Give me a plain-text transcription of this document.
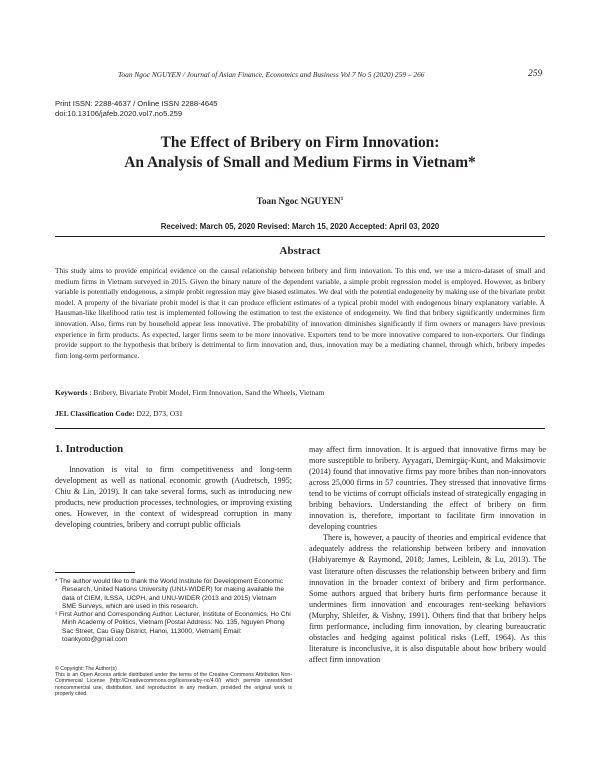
Toan Ngoc NGUYEN / Journal of Asian Finance, Economics and Business Vol 7 No 5 (2020) 259 – 266	259
Print ISSN: 2288-4637 / Online ISSN 2288-4645
doi:10.13106/jafeb.2020.vol7.no5.259
The Effect of Bribery on Firm Innovation:
An Analysis of Small and Medium Firms in Vietnam*
Toan Ngoc NGUYEN$^1$
Received: March 05, 2020 Revised: March 15, 2020 Accepted: April 03, 2020
Abstract
This study aims to provide empirical evidence on the causal relationship between bribery and firm innovation. To this end, we use a micro-dataset of small and medium firms in Vietnam surveyed in 2015. Given the binary nature of the dependent variable, a simple probit regression model is employed. However, as bribery variable is potentially endogenous, a simple probit regression may give biased estimates. We deal with the potential endogeneity by making use of the bivariate probit model. A property of the bivariate probit model is that it can produce efficient estimates of a typical probit model with endogenous binary explanatory variable. A Hausman-like likelihood ratio test is implemented following the estimation to test the existence of endogeneity. We find that bribery significantly undermines firm innovation. Also, firms run by household appear less innovative. The probability of innovation diminishes significantly if firm owners or managers have previous experience in firm products. As expected, larger firms seem to be more innovative. Exporters tend to be more innovative compared to non-exporters. Our findings provide support to the hypothesis that bribery is detrimental to firm innovation and, thus, innovation may be a mediating channel, through which, bribery impedes firm long-term performance.
Keywords : Bribery, Bivariate Probit Model, Firm Innovation, Sand the Wheels, Vietnam
JEL Classification Code: D22, D73, O31
1. Introduction

Innovation is vital to firm competitiveness and long-term development as well as national economic growth (Audretsch, 1995; Chiu & Lin, 2019). It can take several forms, such as introducing new products, new production processes, technologies, or improving existing ones. However, in the context of widespread corruption in many developing countries, bribery and corrupt public officials

may affect firm innovation. It is argued that innovative firms may be more susceptible to bribery. Ayyagari, Demirgüç-Kunt, and Maksimovic (2014) found that innovative firms pay more bribes than non-innovators across 25,000 firms in 57 countries. They stressed that innovative firms tend to be victims of corrupt officials instead of strategically engaging in bribing behaviors. Understanding the effect of bribery on firm innovation is, therefore, important to facilitate firm innovation in developing countries

There is, however, a paucity of theories and empirical evidence that adequately address the relationship between bribery and innovation (Habiyaremye & Raymond, 2018; James, Leiblein, & Lu, 2013). The vast literature often discusses the relationship between bribery and firm innovation in the broader context of bribery and firm performance. Some authors argued that bribery hurts firm performance because it undermines firm innovation and encourages rent-seeking behaviors (Murphy, Shleifer, & Vishny, 1991). Others find that that bribery helps firm performance, including firm innovation, by clearing bureaucratic obstacles and hedging against political risks (Leff, 1964). As this literature is inconclusive, it is also disputable about how bribery would affect firm innovation

* The author would like to thank the World Institute for Development Economic Research, United Nations University (UNU-WIDER) for making available the data of CIEM, ILSSA, UCPH, and UNU-WIDER (2013 and 2015) Vietnam SME Surveys, which are used in this research.

¹ First Author and Corresponding Author. Lecturer, Institute of Economics, Ho Chi Minh Academy of Politics, Vietnam [Postal Address: No. 135, Nguyen Phong Sac Street, Cau Giay District, Hanoi, 113000, Vietnam] Email: toankyoto@gmail.com

© Copyright: The Author(s)
This is an Open Access article distributed under the terms of the Creative Commons Attribution Non-Commercial License (http://Creativecommons.org/licenses/by-nc/4.0/) which permits unrestricted noncommercial use, distribution, and reproduction in any medium, provided the original work is properly cited.
